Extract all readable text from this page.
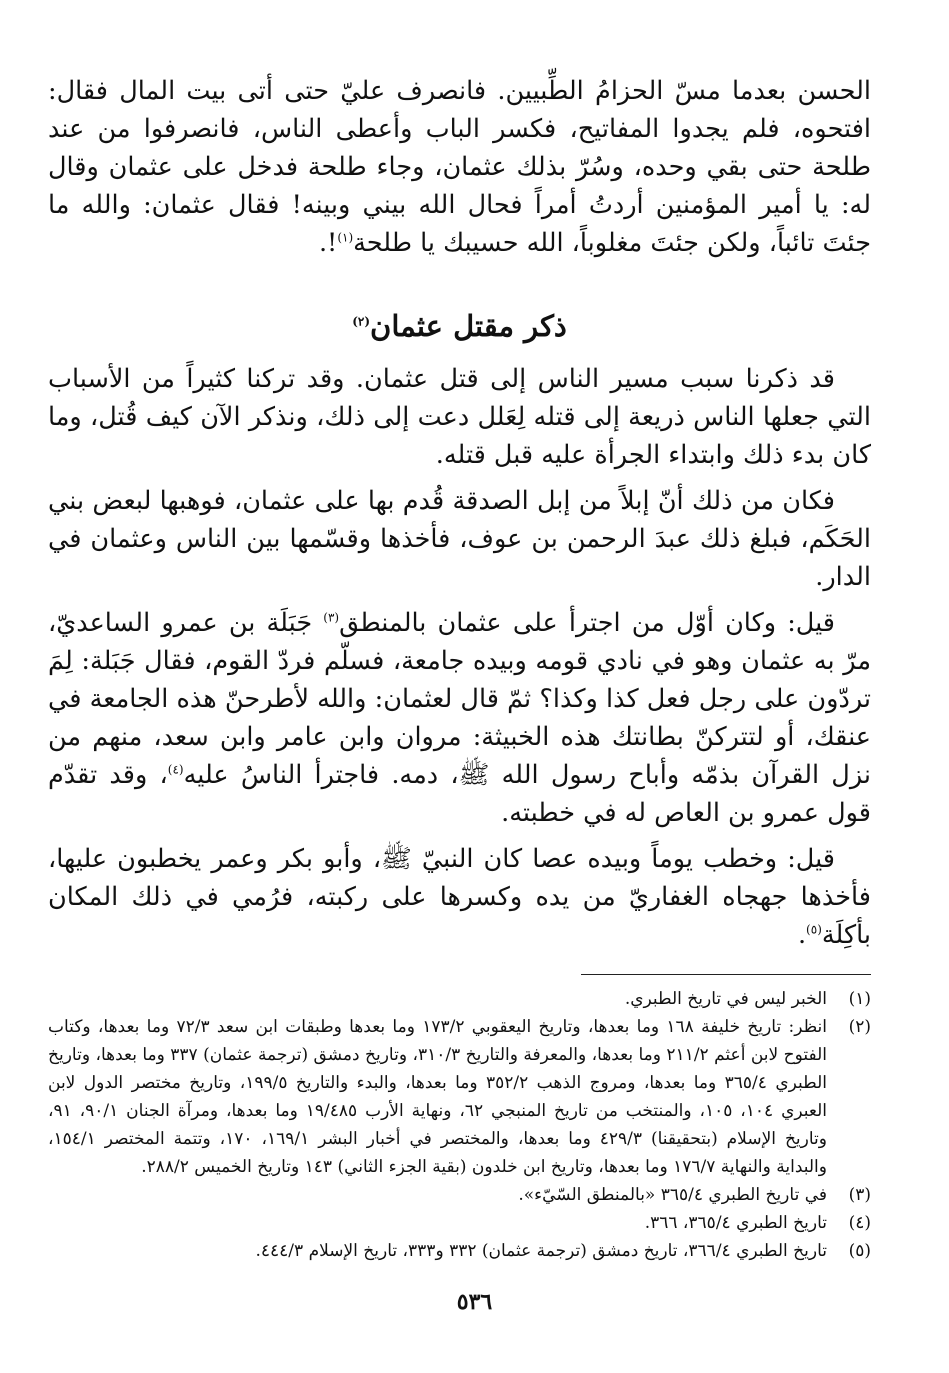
الحسن بعدما مسّ الحزامُ الطِّبيين. فانصرف عليّ حتى أتى بيت المال فقال: افتحوه، فلم يجدوا المفاتيح، فكسر الباب وأعطى الناس، فانصرفوا من عند طلحة حتى بقي وحده، وسُرّ بذلك عثمان، وجاء طلحة فدخل على عثمان وقال له: يا أمير المؤمنين أردتُ أمراً فحال الله بيني وبينه! فقال عثمان: والله ما جئتَ تائباً، ولكن جئتَ مغلوباً، الله حسيبك يا طلحة$^{(١)}$!.

ذكر مقتل عثمان$^{(٢)}$

قد ذكرنا سبب مسير الناس إلى قتل عثمان. وقد تركنا كثيراً من الأسباب التي جعلها الناس ذريعة إلى قتله لِعَلل دعت إلى ذلك، ونذكر الآن كيف قُتل، وما كان بدء ذلك وابتداء الجرأة عليه قبل قتله.

فكان من ذلك أنّ إبلاً من إبل الصدقة قُدم بها على عثمان، فوهبها لبعض بني الحَكَم، فبلغ ذلك عبدَ الرحمن بن عوف، فأخذها وقسّمها بين الناس وعثمان في الدار.

قيل: وكان أوّل من اجترأ على عثمان بالمنطق$^{(٣)}$ جَبَلَة بن عمرو الساعديّ، مرّ به عثمان وهو في نادي قومه وبيده جامعة، فسلّم فردّ القوم، فقال جَبَلة: لِمَ تردّون على رجل فعل كذا وكذا؟ ثمّ قال لعثمان: والله لأطرحنّ هذه الجامعة في عنقك، أو لتتركنّ بطانتك هذه الخبيثة: مروان وابن عامر وابن سعد، منهم من نزل القرآن بذمّه وأباح رسول الله ﷺ، دمه. فاجترأ الناسُ عليه$^{(٤)}$، وقد تقدّم قول عمرو بن العاص له في خطبته.

قيل: وخطب يوماً وبيده عصا كان النبيّ ﷺ، وأبو بكر وعمر يخطبون عليها، فأخذها جهجاه الغفاريّ من يده وكسرها على ركبته، فرُمي في ذلك المكان بأكِلَة$^{(٥)}$.

(١)
الخبر ليس في تاريخ الطبري.
(٢)
انظر: تاريخ خليفة ١٦٨ وما بعدها، وتاريخ اليعقوبي ١٧٣/٢ وما بعدها وطبقات ابن سعد ٧٢/٣ وما بعدها، وكتاب الفتوح لابن أعثم ٢١١/٢ وما بعدها، والمعرفة والتاريخ ٣١٠/٣، وتاريخ دمشق (ترجمة عثمان) ٣٣٧ وما بعدها، وتاريخ الطبري ٣٦٥/٤ وما بعدها، ومروج الذهب ٣٥٢/٢ وما بعدها، والبدء والتاريخ ١٩٩/٥، وتاريخ مختصر الدول لابن العبري ١٠٤، ١٠٥، والمنتخب من تاريخ المنبجي ٦٢، ونهاية الأرب ١٩/٤٨٥ وما بعدها، ومرآة الجنان ٩٠/١، ٩١، وتاريخ الإسلام (بتحقيقنا) ٤٢٩/٣ وما بعدها، والمختصر في أخبار البشر ١٦٩/١، ١٧٠، وتتمة المختصر ١٥٤/١، والبداية والنهاية ١٧٦/٧ وما بعدها، وتاريخ ابن خلدون (بقية الجزء الثاني) ١٤٣ وتاريخ الخميس ٢٨٨/٢.
(٣)
في تاريخ الطبري ٣٦٥/٤ «بالمنطق السّيّء».
(٤)
تاريخ الطبري ٣٦٥/٤، ٣٦٦.
(٥)
تاريخ الطبري ٣٦٦/٤، تاريخ دمشق (ترجمة عثمان) ٣٣٢ و٣٣٣، تاريخ الإسلام ٤٤٤/٣.
٥٣٦
